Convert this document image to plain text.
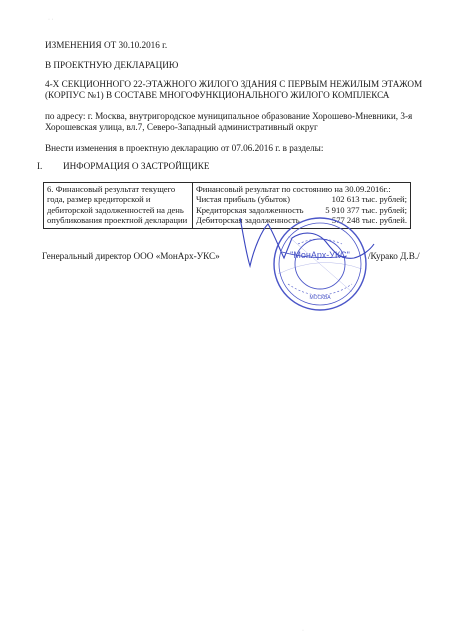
· ·
ИЗМЕНЕНИЯ ОТ 30.10.2016 г.
В ПРОЕКТНУЮ ДЕКЛАРАЦИЮ
4-Х СЕКЦИОННОГО 22-ЭТАЖНОГО ЖИЛОГО ЗДАНИЯ С ПЕРВЫМ НЕЖИЛЫМ ЭТАЖОМ
(КОРПУС №1) В СОСТАВЕ МНОГОФУНКЦИОНАЛЬНОГО ЖИЛОГО КОМПЛЕКСА
по адресу: г. Москва, внутригородское муниципальное образование Хорошево-Мневники, 3-я
Хорошевская улица, вл.7, Северо-Западный административный округ
Внести изменения в проектную декларацию от 07.06.2016 г. в разделы:
I. ИНФОРМАЦИЯ О ЗАСТРОЙЩИКЕ
6. Финансовый результат текущего
года, размер кредиторской и
дебиторской задолженностей на день
опубликования проектной декларации

Финансовый результат по состоянию на 30.09.2016г.:
Чистая прибыль (убыток)	102 613 тыс. рублей;
Кредиторская задолженность	5 910 377 тыс. рублей;
Дебиторская задолженность	577 248 тыс. рублей.
"МонАрх-УКС"
МОСКВА
Генеральный директор ООО «МонАрх-УКС»	/Курако Д.В./
·
